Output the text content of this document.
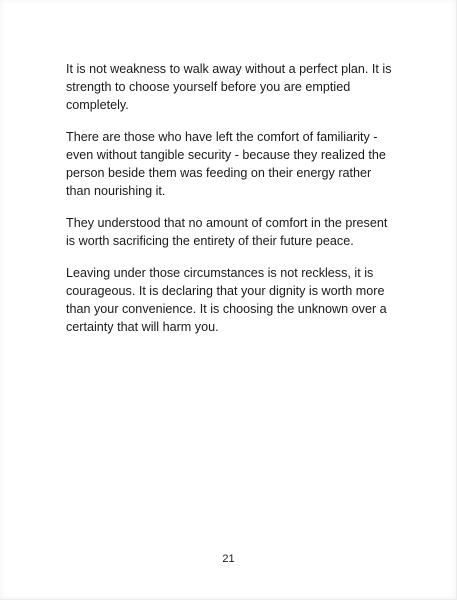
It is not weakness to walk away without a perfect plan. It is strength to choose yourself before you are emptied completely.

There are those who have left the comfort of familiarity - even without tangible security - because they realized the person beside them was feeding on their energy rather than nourishing it.

They understood that no amount of comfort in the present is worth sacrificing the entirety of their future peace.

Leaving under those circumstances is not reckless, it is courageous. It is declaring that your dignity is worth more than your convenience. It is choosing the unknown over a certainty that will harm you.

21
